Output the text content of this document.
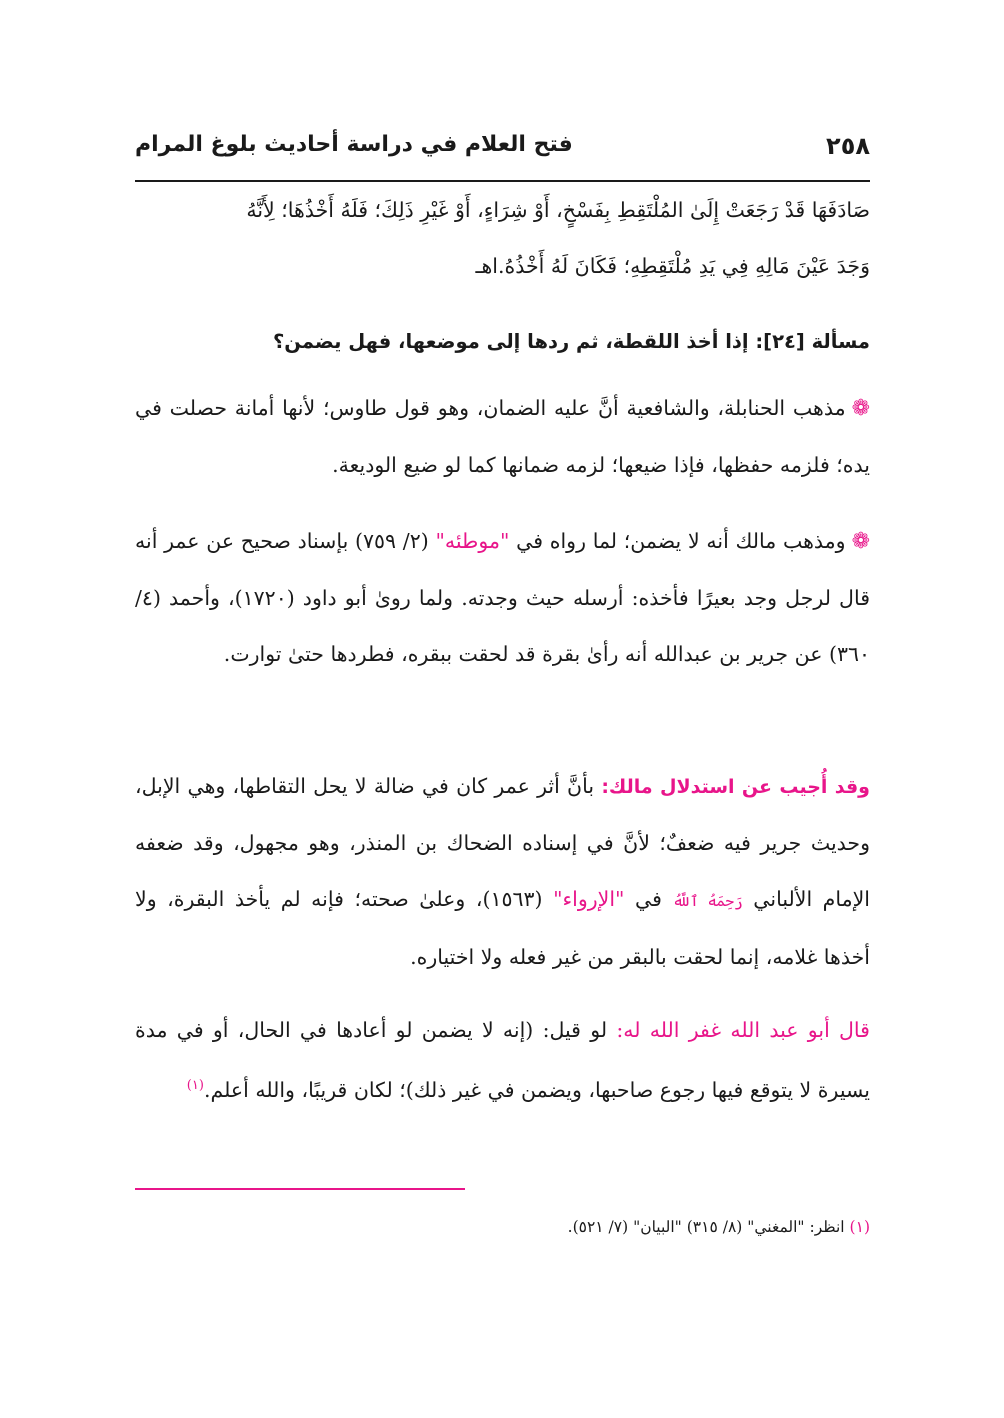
٢٥٨
فتح العلام في دراسة أحاديث بلوغ المرام
صَادَفَهَا قَدْ رَجَعَتْ إِلَىٰ المُلْتَقِطِ بِفَسْخٍ، أَوْ شِرَاءٍ، أَوْ غَيْرِ ذَلِكَ؛ فَلَهُ أَخْذُهَا؛ لِأَنَّهُ
وَجَدَ عَيْنَ مَالِهِ فِي يَدِ مُلْتَقِطِهِ؛ فَكَانَ لَهُ أَخْذُهُ.اهـ
مسألة [٢٤]: إذا أخذ اللقطة، ثم ردها إلى موضعها، فهل يضمن؟
❁مذهب الحنابلة، والشافعية أنَّ عليه الضمان، وهو قول طاوس؛ لأنها أمانة حصلت في يده؛ فلزمه حفظها، فإذا ضيعها؛ لزمه ضمانها كما لو ضيع الوديعة.
❁ومذهب مالك أنه لا يضمن؛ لما رواه في "موطئه" (٢/ ٧٥٩) بإسناد صحيح عن عمر أنه قال لرجل وجد بعيرًا فأخذه: أرسله حيث وجدته. ولما روىٰ أبو داود (١٧٢٠)، وأحمد (٤/ ٣٦٠) عن جرير بن عبدالله أنه رأىٰ بقرة قد لحقت ببقره، فطردها حتىٰ توارت.
وقد أُجيب عن استدلال مالك: بأنَّ أثر عمر كان في ضالة لا يحل التقاطها، وهي الإبل، وحديث جرير فيه ضعفٌ؛ لأنَّ في إسناده الضحاك بن المنذر، وهو مجهول، وقد ضعفه الإمام الألباني رَحِمَهُ ٱللَّهُ في "الإرواء" (١٥٦٣)، وعلىٰ صحته؛ فإنه لم يأخذ البقرة، ولا أخذها غلامه، إنما لحقت بالبقر من غير فعله ولا اختياره.
قال أبو عبد الله غفر الله له: لو قيل: (إنه لا يضمن لو أعادها في الحال، أو في مدة يسيرة لا يتوقع فيها رجوع صاحبها، ويضمن في غير ذلك)؛ لكان قريبًا، والله أعلم.$^{(١)}$
(١) انظر: "المغني" (٨/ ٣١٥) "البيان" (٧/ ٥٢١).
